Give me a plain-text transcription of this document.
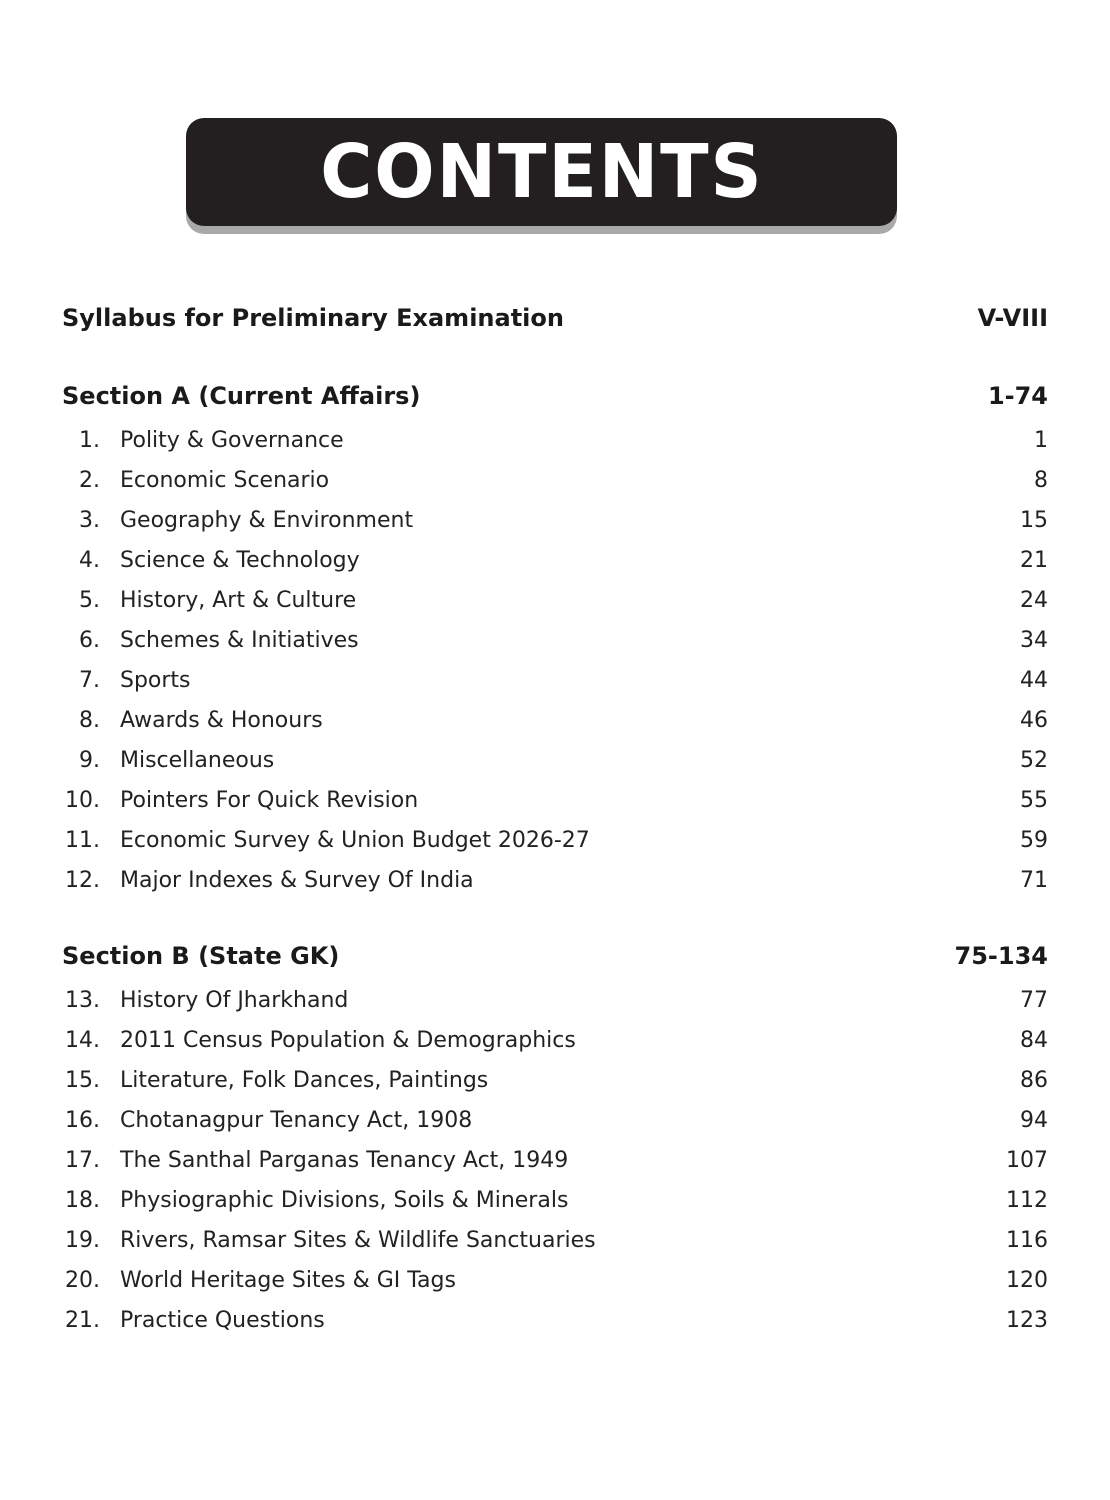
CONTENTS
Syllabus for Preliminary Examination	V-VIII
Section A (Current Affairs)	1-74
1. Polity & Governance	1
2. Economic Scenario	8
3. Geography & Environment	15
4. Science & Technology	21
5. History, Art & Culture	24
6. Schemes & Initiatives	34
7. Sports	44
8. Awards & Honours	46
9. Miscellaneous	52
10. Pointers For Quick Revision	55
11. Economic Survey & Union Budget 2026-27	59
12. Major Indexes & Survey Of India	71
Section B (State GK)	75-134
13. History Of Jharkhand	77
14. 2011 Census Population & Demographics	84
15. Literature, Folk Dances, Paintings	86
16. Chotanagpur Tenancy Act, 1908	94
17. The Santhal Parganas Tenancy Act, 1949	107
18. Physiographic Divisions, Soils & Minerals	112
19. Rivers, Ramsar Sites & Wildlife Sanctuaries	116
20. World Heritage Sites & GI Tags	120
21. Practice Questions	123
